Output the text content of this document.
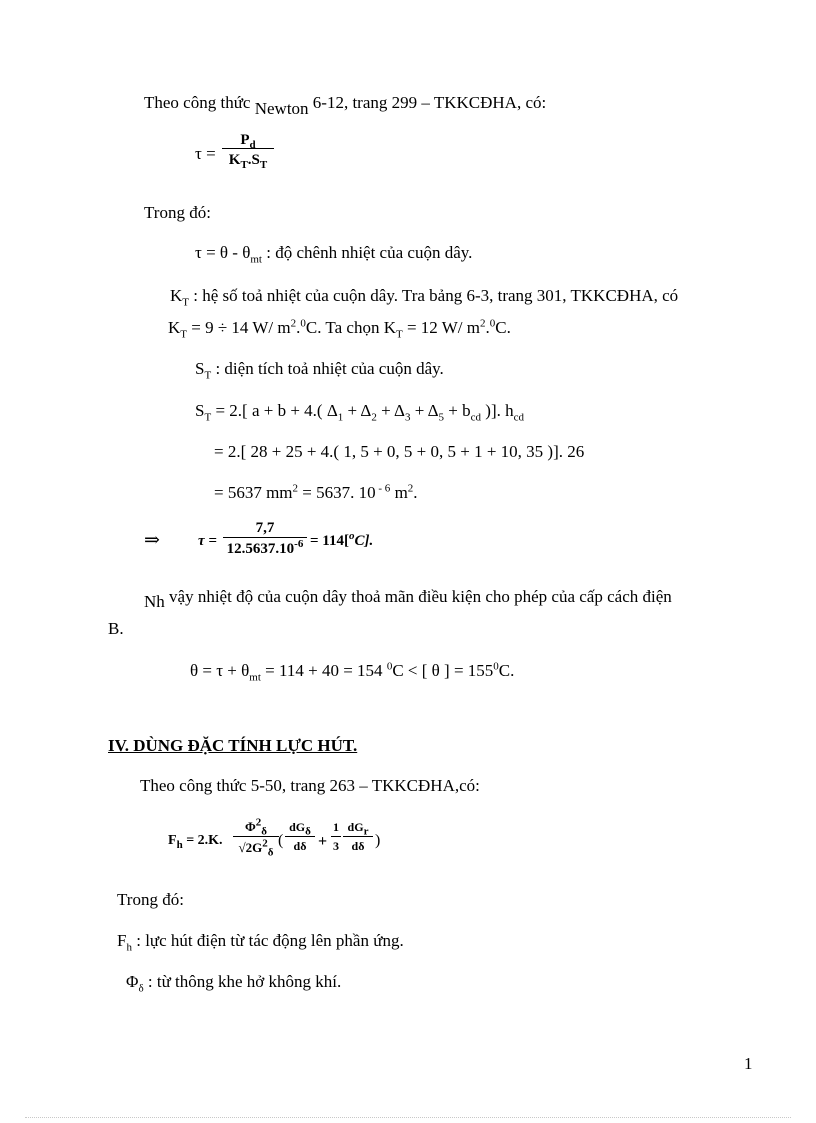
Theo công thức Newton 6-12, trang 299 – TKKCĐHA, có:
τ =
$P_d$
$K_T.S_T$
Trong đó:
$\tau = \theta - \theta_{mt}$ : độ chênh nhiệt của cuộn dây.
$K_T$ : hệ số toả nhiệt của cuộn dây. Tra bảng 6-3, trang 301, TKKCĐHA, có
$K_T = 9 \div 14$ W/ $m^2.^0C$. Ta chọn $K_T = 12$ W/ $m^2.^0C$.
$S_T$ : diện tích toả nhiệt của cuộn dây.
$S_T = 2$.[ a + b + 4.( $\Delta_1 + \Delta_2 + \Delta_3 + \Delta_5 + b_{cd}$ )]. $h_{cd}$
= 2.[ 28 + 25 + 4.( 1, 5 + 0, 5 + 0, 5 + 1 + 10, 35 )]. 26
= 5637 $mm^2 = 5637$. 10 $^{- 6}$ $m^2$.
⇒	τ =
7,7
$12.5637.10^{-6} = 114[^oC]$.
Nh vậy nhiệt độ của cuộn dây thoả mãn điều kiện cho phép của cấp cách điện
B.
$\theta = \tau + \theta_{mt} = 114 + 40 = 154$ $^0$C < [ θ ] = $155^0C$.
IV. DÙNG ĐẶC TÍNH LỰC HÚT.
Theo công thức 5-50, trang 263 – TKKCĐHA,có:
$F_h = 2.K$.
$\Phi^2_\delta$
$√2G^2_\delta$
(
$dG_\delta$
dδ +
1
3
$dG_r$
dδ )
Trong đó:
$F_h$ : lực hút điện từ tác động lên phần ứng.
$\Phi_\delta$ : từ thông khe hở không khí.
1
